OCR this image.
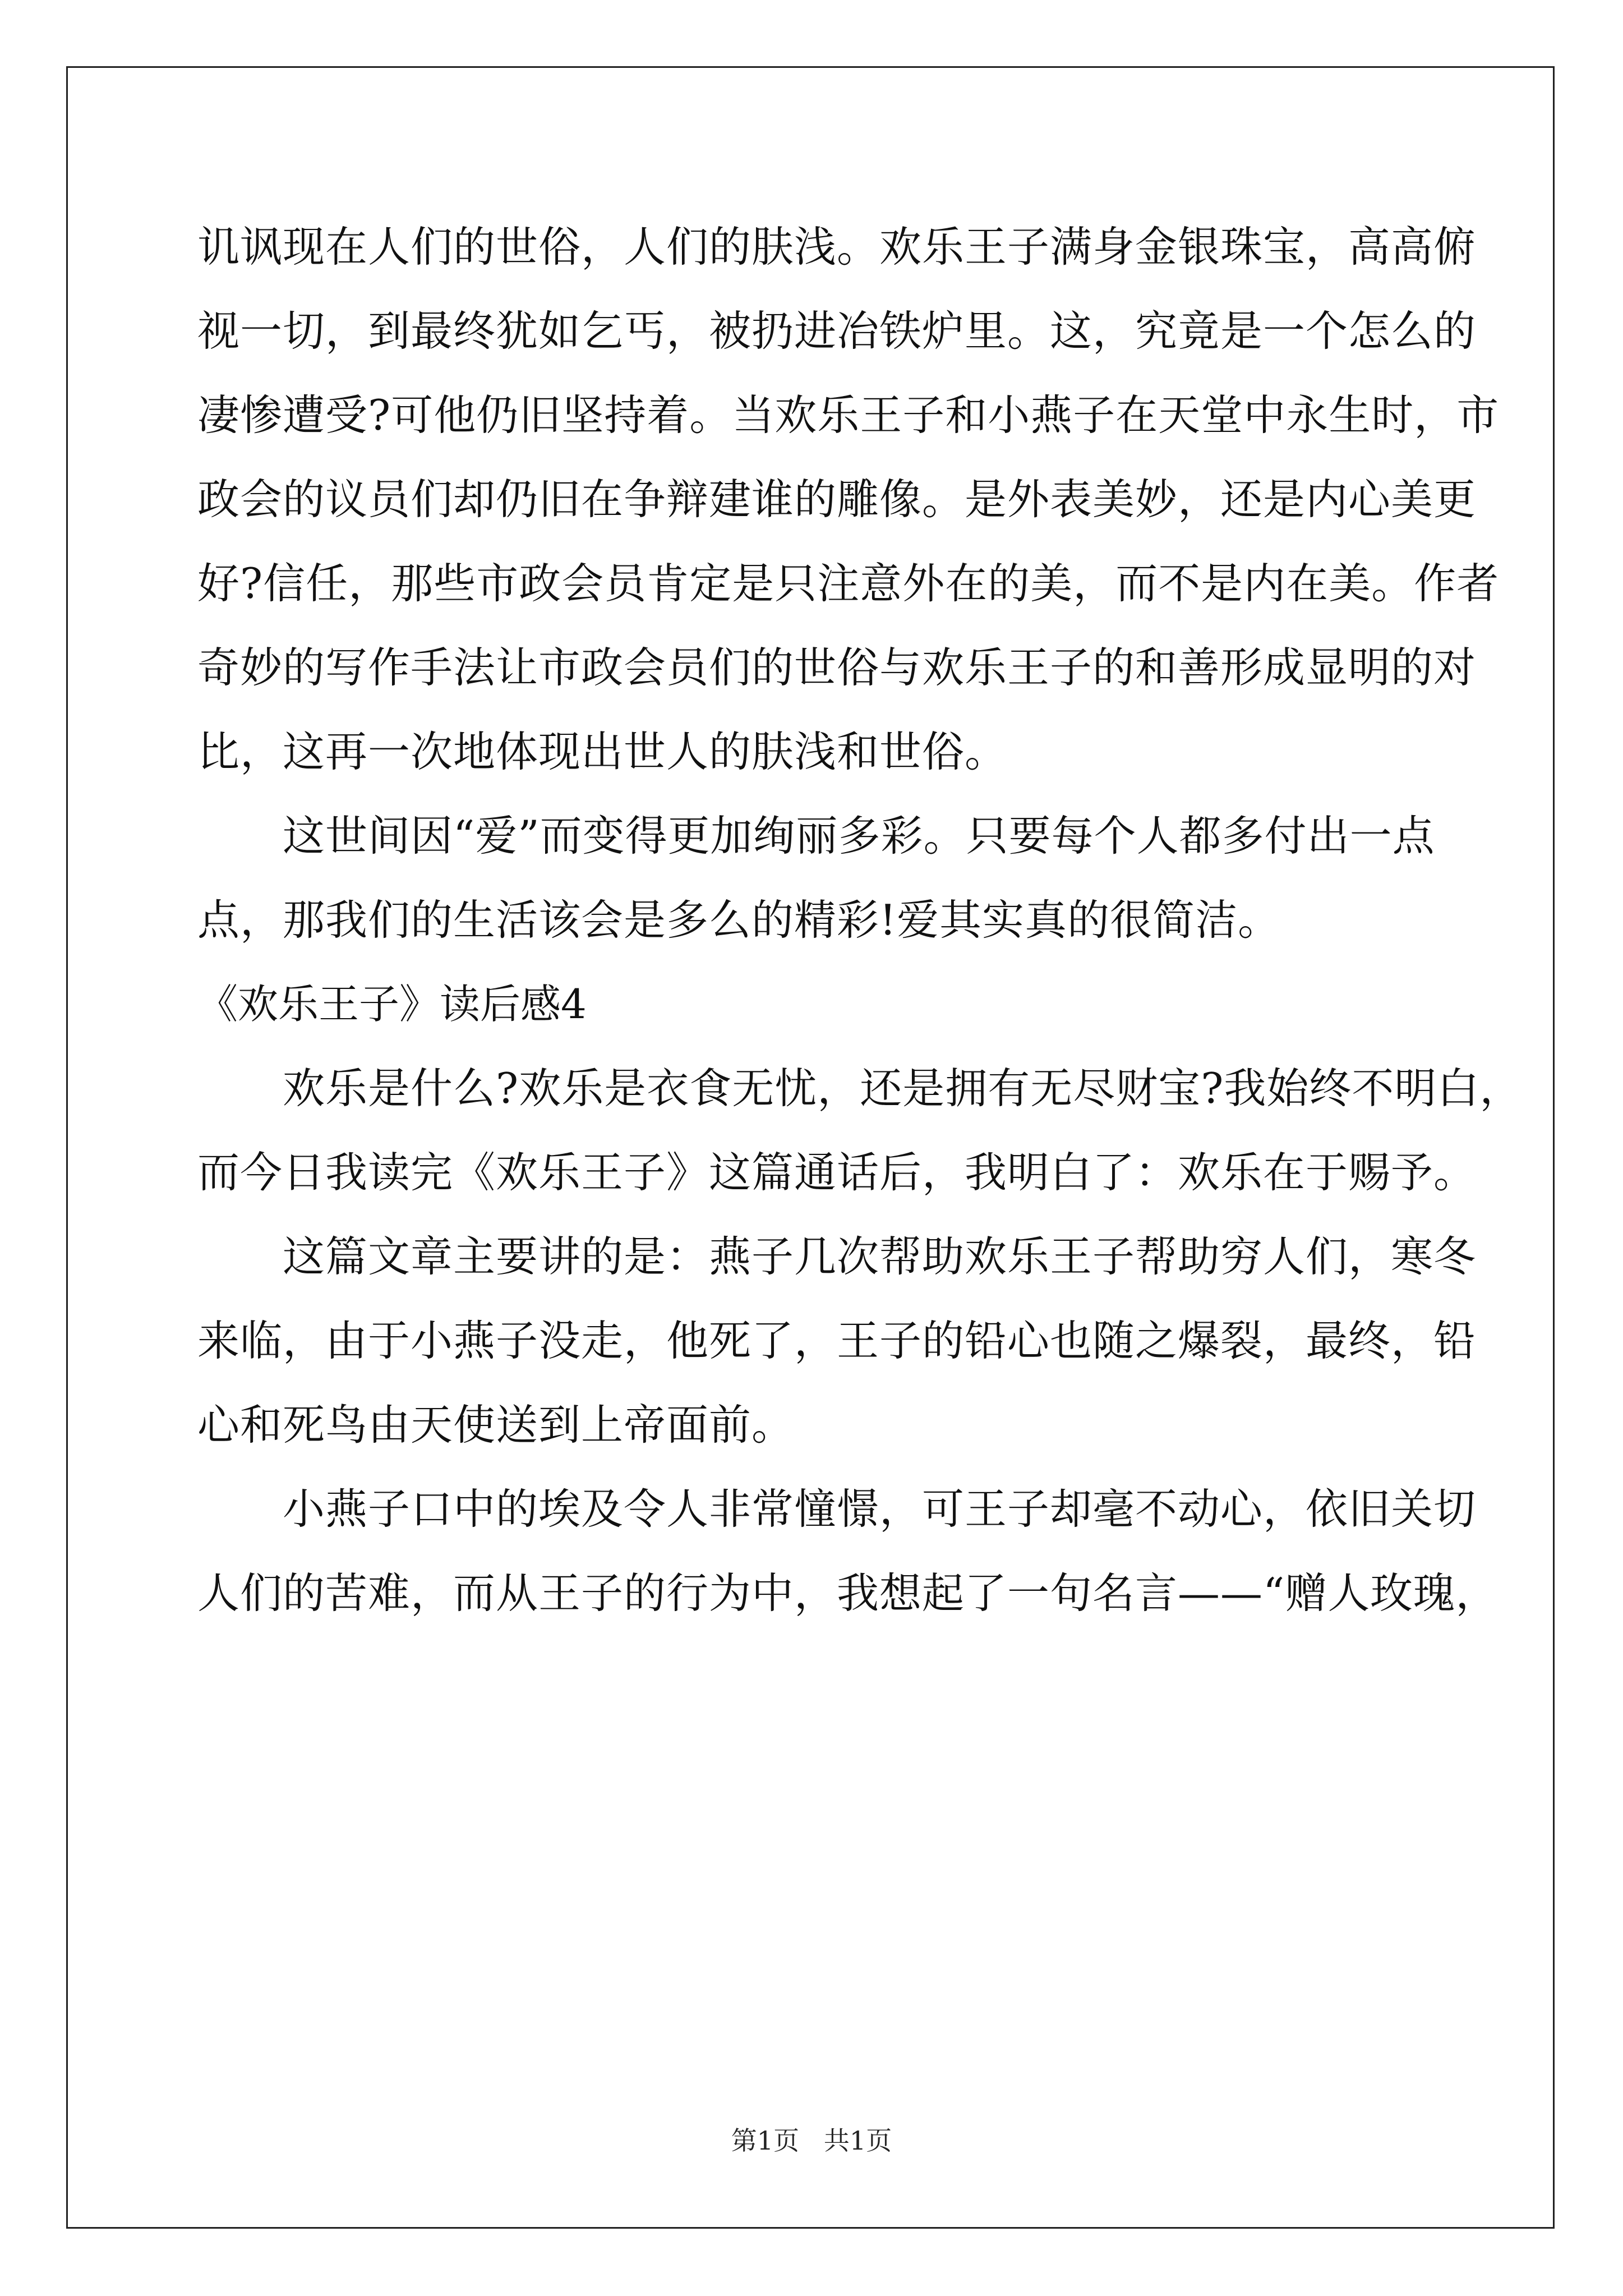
讥讽现在人们的世俗，人们的肤浅。欢乐王子满身金银珠宝，高高俯
视一切，到最终犹如乞丐，被扔进冶铁炉里。这，究竟是一个怎么的
凄惨遭受?可他仍旧坚持着。当欢乐王子和小燕子在天堂中永生时，市
政会的议员们却仍旧在争辩建谁的雕像。是外表美妙，还是内心美更
好?信任，那些市政会员肯定是只注意外在的美，而不是内在美。作者
奇妙的写作手法让市政会员们的世俗与欢乐王子的和善形成显明的对
比，这再一次地体现出世人的肤浅和世俗。
这世间因“爱”而变得更加绚丽多彩。只要每个人都多付出一点
点，那我们的生活该会是多么的精彩!爱其实真的很简洁。
《欢乐王子》读后感4
欢乐是什么?欢乐是衣食无忧，还是拥有无尽财宝?我始终不明白，
而今日我读完《欢乐王子》这篇通话后，我明白了：欢乐在于赐予。
这篇文章主要讲的是：燕子几次帮助欢乐王子帮助穷人们，寒冬
来临，由于小燕子没走，他死了，王子的铅心也随之爆裂，最终，铅
心和死鸟由天使送到上帝面前。
小燕子口中的埃及令人非常憧憬，可王子却毫不动心，依旧关切
人们的苦难，而从王子的行为中，我想起了一句名言——“赠人玫瑰，
第1页   共1页
